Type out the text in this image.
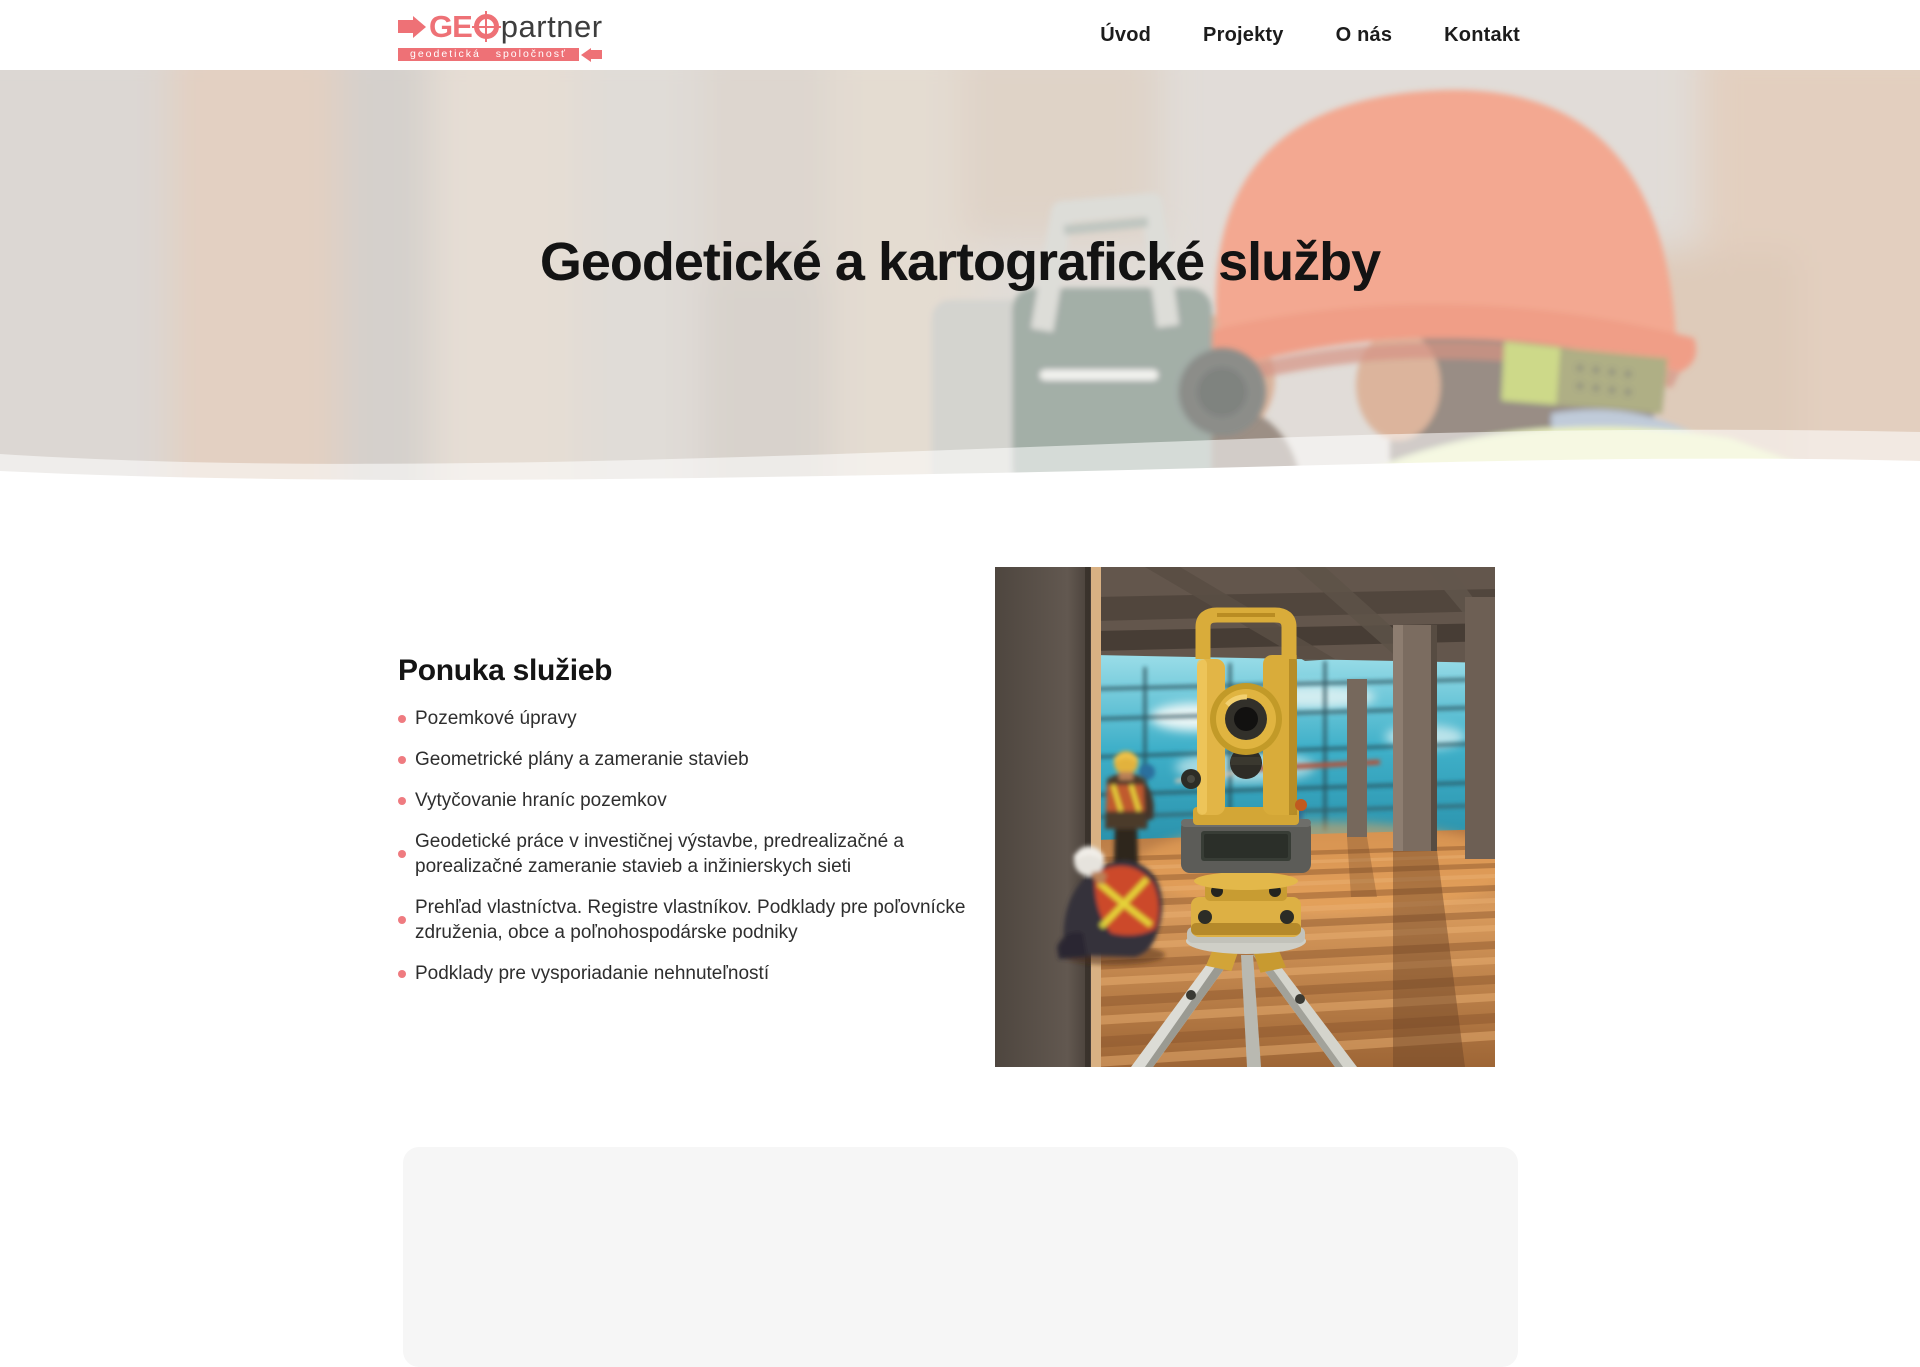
GE partner
geodetická spoločnosť
Úvod	Projekty	O nás	Kontakt
Geodetické a kartografické služby
Ponuka služieb
Pozemkové úpravy
Geometrické plány a zameranie stavieb
Vytyčovanie hraníc pozemkov
Geodetické práce v investičnej výstavbe, predrealizačné a porealizačné zameranie stavieb a inžinierskych sieti
Prehľad vlastníctva. Registre vlastníkov. Podklady pre poľovnícke združenia, obce a poľnohospodárske podniky
Podklady pre vysporiadanie nehnuteľností
